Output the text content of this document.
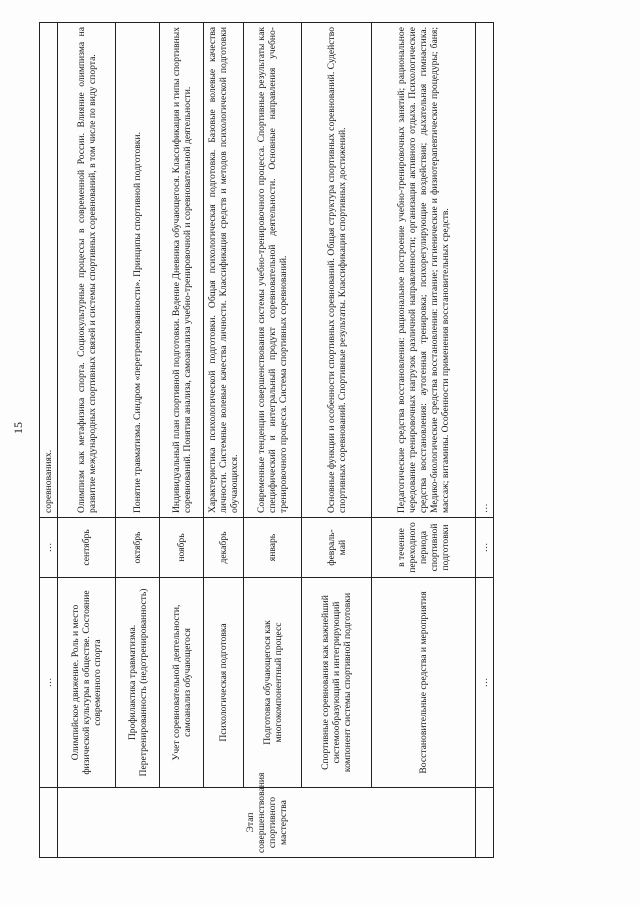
15
	…	…	соревнованиях.
Этап совершенствования спортивного мастерства	Олимпийское движение. Роль и место физической культуры в обществе. Состояние современного спорта	сентябрь	Олимпизм как метафизика спорта. Социокультурные процессы в современной России. Влияние олимпизма на развитие международных спортивных связей и системы спортивных соревнований, в том числе по виду спорта.
	Профилактика травматизма. Перетренированность (недотренированность)	октябрь	Понятие травматизма. Синдром «перетренированности». Принципы спортивной подготовки.
	Учет соревновательной деятельности, самоанализ обучающегося	ноябрь	Индивидуальный план спортивной подготовки. Ведение Дневника обучающегося. Классификация и типы спортивных соревнований. Понятия анализа, самоанализа учебно-тренировочной и соревновательной деятельности.
	Психологическая подготовка	декабрь	Характеристика психологической подготовки. Общая психологическая подготовка. Базовые волевые качества личности. Системные волевые качества личности. Классификация средств и методов психологической подготовки обучающихся.
	Подготовка обучающегося как многокомпонентный процесс	январь	Современные тенденции совершенствования системы учебно-тренировочного процесса. Спортивные результаты как специфический и интегральный продукт соревновательной деятельности. Основные направления учебно-тренировочного процесса. Система спортивных соревнований.
	Спортивные соревнования как важнейший системообразующий и интегрирующий компонент системы спортивной подготовки	февраль-май	Основные функции и особенности спортивных соревнований. Общая структура спортивных соревнований. Судейство спортивных соревнований. Спортивные результаты. Классификация спортивных достижений.
	Восстановительные средства и мероприятия	в течение переходного периода спортивной подготовки	Педагогические средства восстановления: рациональное построение учебно-тренировочных занятий; рациональное чередование тренировочных нагрузок различной направленности; организация активного отдыха. Психологические средства восстановления: аутогенная тренировка; психорегулирующие воздействия; дыхательная гимнастика. Медико-биологические средства восстановления: питание; гигиенические и физиотерапевтические процедуры; баня; массаж; витамины. Особенности применения восстановительных средств.
	…	…	…
